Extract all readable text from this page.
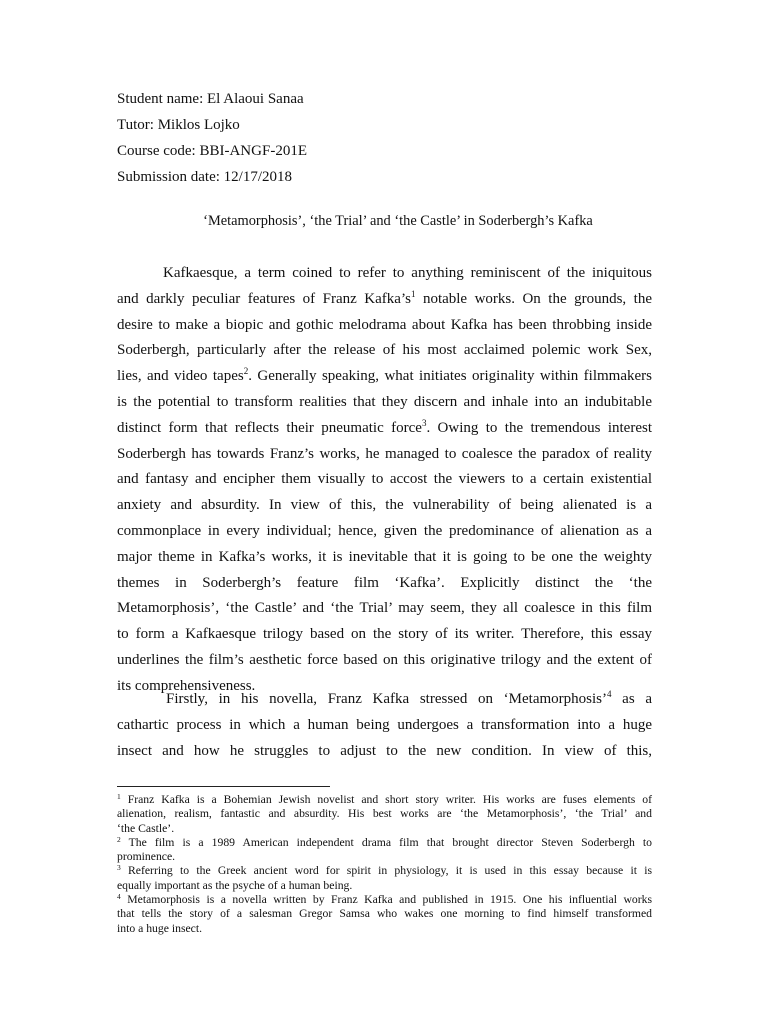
Student name: El Alaoui Sanaa
Tutor: Miklos Lojko
Course code: BBI-ANGF-201E
Submission date: 12/17/2018
‘Metamorphosis’, ‘the Trial’ and ‘the Castle’ in Soderbergh’s Kafka
Kafkaesque, a term coined to refer to anything reminiscent of the iniquitous
and darkly peculiar features of Franz Kafka’s$^1$ notable works. On the grounds, the
desire to make a biopic and gothic melodrama about Kafka has been throbbing inside
Soderbergh, particularly after the release of his most acclaimed polemic work Sex,
lies, and video tapes$^2$. Generally speaking, what initiates originality within filmmakers
is the potential to transform realities that they discern and inhale into an indubitable
distinct form that reflects their pneumatic force$^3$. Owing to the tremendous interest
Soderbergh has towards Franz’s works, he managed to coalesce the paradox of reality
and fantasy and encipher them visually to accost the viewers to a certain existential
anxiety and absurdity. In view of this, the vulnerability of being alienated is a
commonplace in every individual; hence, given the predominance of alienation as a
major theme in Kafka’s works, it is inevitable that it is going to be one the weighty
themes in Soderbergh’s feature film ‘Kafka’. Explicitly distinct the ‘the
Metamorphosis’, ‘the Castle’ and ‘the Trial’ may seem, they all coalesce in this film
to form a Kafkaesque trilogy based on the story of its writer. Therefore, this essay
underlines the film’s aesthetic force based on this originative trilogy and the extent of
its comprehensiveness.
Firstly, in his novella, Franz Kafka stressed on ‘Metamorphosis’$^4$ as a
cathartic process in which a human being undergoes a transformation into a huge
insect and how he struggles to adjust to the new condition. In view of this,
$^1$ Franz Kafka is a Bohemian Jewish novelist and short story writer. His works are fuses elements of
alienation, realism, fantastic and absurdity. His best works are ‘the Metamorphosis’, ‘the Trial’ and
‘the Castle’.
$^2$ The film is a 1989 American independent drama film that brought director Steven Soderbergh to
prominence.
$^3$ Referring to the Greek ancient word for spirit in physiology, it is used in this essay because it is
equally important as the psyche of a human being.
$^4$ Metamorphosis is a novella written by Franz Kafka and published in 1915. One his influential works
that tells the story of a salesman Gregor Samsa who wakes one morning to find himself transformed
into a huge insect.
